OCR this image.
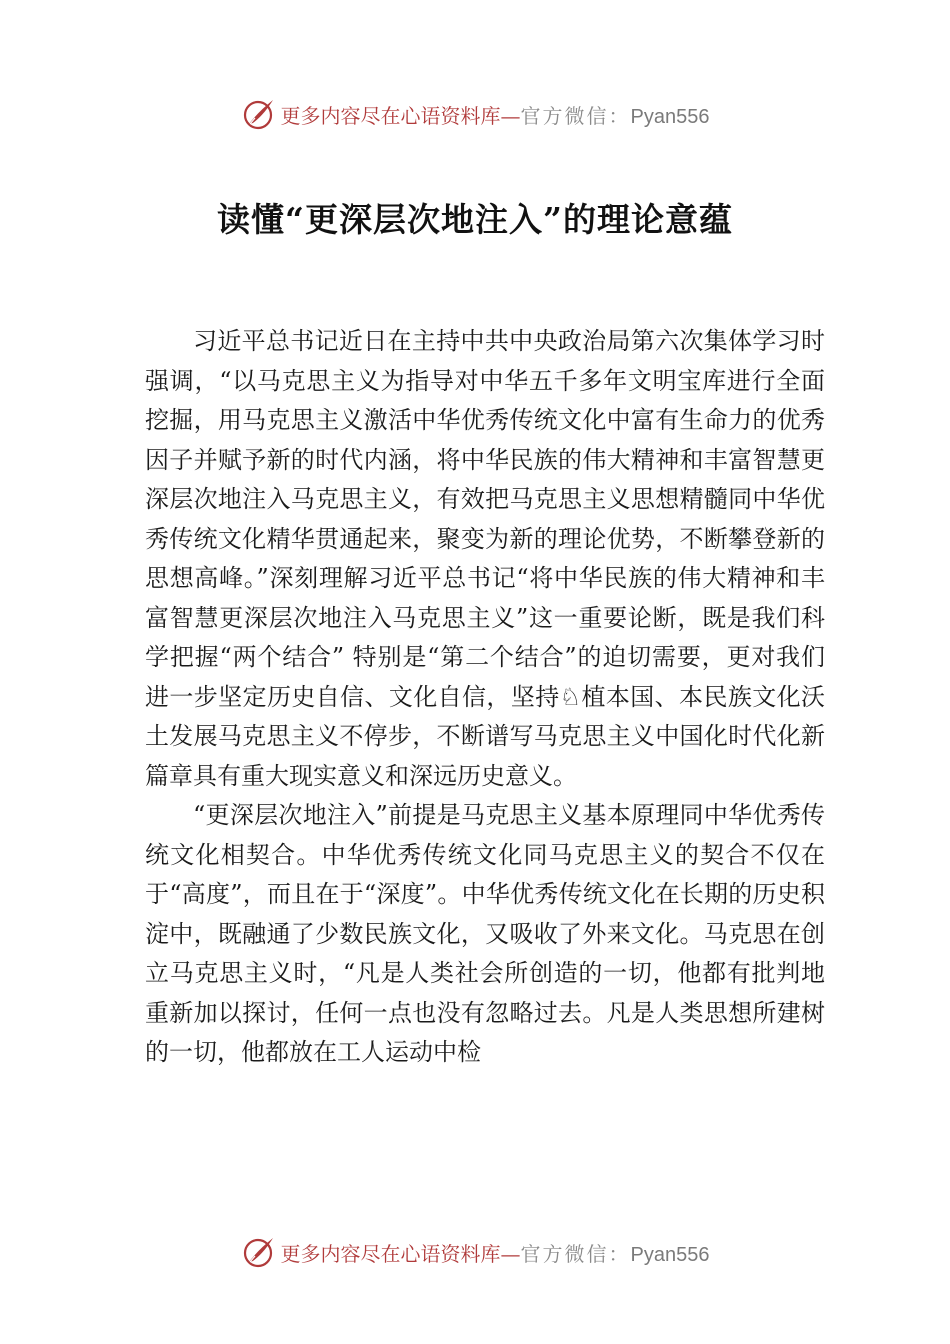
更多内容尽在心语资料库— 官方微信： Pyan556
读懂“更深层次地注入”的理论意蕴

习近平总书记近日在主持中共中央政治局第六次集体学习时强调，“以马克思主义为指导对中华五千多年文明宝库进行全面挖掘，用马克思主义激活中华优秀传统文化中富有生命力的优秀因子并赋予新的时代内涵，将中华民族的伟大精神和丰富智慧更深层次地注入马克思主义，有效把马克思主义思想精髓同中华优秀传统文化精华贯通起来，聚变为新的理论优势，不断攀登新的思想高峰。”深刻理解习近平总书记“将中华民族的伟大精神和丰富智慧更深层次地注入马克思主义”这一重要论断，既是我们科学把握“两个结合” 特别是“第二个结合”的迫切需要，更对我们进一步坚定历史自信、文化自信，坚持♘植本国、本民族文化沃土发展马克思主义不停步，不断谱写马克思主义中国化时代化新篇章具有重大现实意义和深远历史意义。

“更深层次地注入”前提是马克思主义基本原理同中华优秀传统文化相契合。中华优秀传统文化同马克思主义的契合不仅在于“高度”，而且在于“深度”。中华优秀传统文化在长期的历史积淀中，既融通了少数民族文化，又吸收了外来文化。马克思在创立马克思主义时，“凡是人类社会所创造的一切，他都有批判地重新加以探讨，任何一点也没有忽略过去。凡是人类思想所建树的一切，他都放在工人运动中检

更多内容尽在心语资料库— 官方微信： Pyan556
